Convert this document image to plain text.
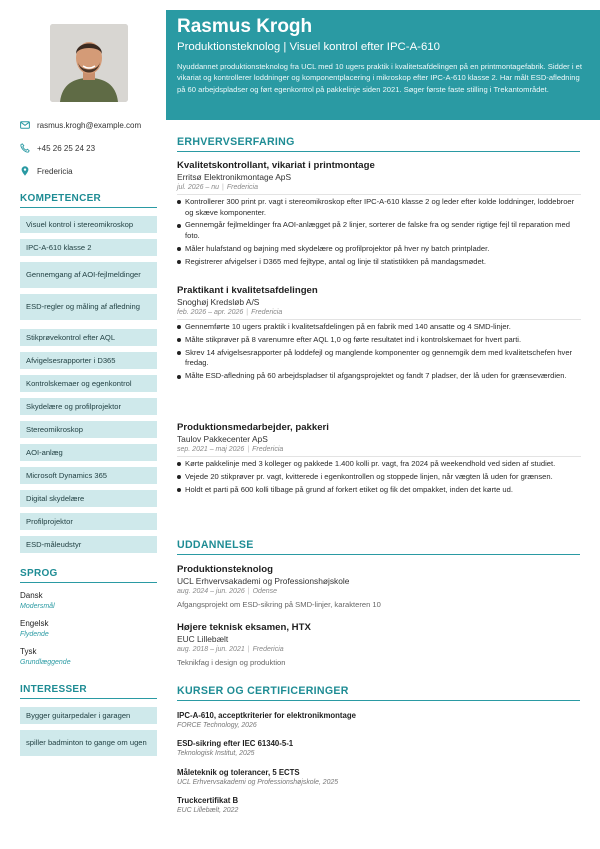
rasmus.krogh@example.com
+45 26 25 24 23
Fredericia
KOMPETENCER
Visuel kontrol i stereomikroskop
IPC-A-610 klasse 2
Gennemgang af AOI-fejlmeldinger
ESD-regler og måling af afledning
Stikprøvekontrol efter AQL
Afvigelsesrapporter i D365
Kontrolskemaer og egenkontrol
Skydelære og profilprojektor
Stereomikroskop
AOI-anlæg
Microsoft Dynamics 365
Digital skydelære
Profilprojektor
ESD-måleudstyr
SPROG
Dansk
Modersmål
Engelsk
Flydende
Tysk
Grundlæggende
INTERESSER
Bygger guitarpedaler i garagen
spiller badminton to gange om ugen
Rasmus Krogh
Produktionsteknolog | Visuel kontrol efter IPC-A-610
Nyuddannet produktionsteknolog fra UCL med 10 ugers praktik i kvalitetsafdelingen på en printmontagefabrik. Sidder i et vikariat og kontrollerer loddninger og komponentplacering i mikroskop efter IPC-A-610 klasse 2. Har målt ESD-afledning på 60 arbejdspladser og ført egenkontrol på pakkelinje siden 2021. Søger første faste stilling i Trekantområdet.
ERHVERVSERFARING
Kvalitetskontrollant, vikariat i printmontage
Erritsø Elektronikmontage ApS
jul. 2026 – nu | Fredericia
Kontrollerer 300 print pr. vagt i stereomikroskop efter IPC-A-610 klasse 2 og leder efter kolde loddninger, loddebroer og skæve komponenter.
Gennemgår fejlmeldinger fra AOI-anlægget på 2 linjer, sorterer de falske fra og sender rigtige fejl til reparation med foto.
Måler hulafstand og bøjning med skydelære og profilprojektor på hver ny batch printplader.
Registrerer afvigelser i D365 med fejltype, antal og linje til statistikken på mandagsmødet.
Praktikant i kvalitetsafdelingen
Snoghøj Kredsløb A/S
feb. 2026 – apr. 2026 | Fredericia
Gennemførte 10 ugers praktik i kvalitetsafdelingen på en fabrik med 140 ansatte og 4 SMD-linjer.
Målte stikprøver på 8 varenumre efter AQL 1,0 og førte resultatet ind i kontrolskemaet for hvert parti.
Skrev 14 afvigelsesrapporter på loddefejl og manglende komponenter og gennemgik dem med kvalitetschefen hver fredag.
Målte ESD-afledning på 60 arbejdspladser til afgangsprojektet og fandt 7 pladser, der lå uden for grænseværdien.
Produktionsmedarbejder, pakkeri
Taulov Pakkecenter ApS
sep. 2021 – maj 2026 | Fredericia
Kørte pakkelinje med 3 kolleger og pakkede 1.400 kolli pr. vagt, fra 2024 på weekendhold ved siden af studiet.
Vejede 20 stikprøver pr. vagt, kvitterede i egenkontrollen og stoppede linjen, når vægten lå uden for grænsen.
Holdt et parti på 600 kolli tilbage på grund af forkert etiket og fik det ompakket, inden det kørte ud.
UDDANNELSE
Produktionsteknolog
UCL Erhvervsakademi og Professionshøjskole
aug. 2024 – jun. 2026 | Odense
Afgangsprojekt om ESD-sikring på SMD-linjer, karakteren 10
Højere teknisk eksamen, HTX
EUC Lillebælt
aug. 2018 – jun. 2021 | Fredericia
Teknikfag i design og produktion
KURSER OG CERTIFICERINGER
IPC-A-610, acceptkriterier for elektronikmontage
FORCE Technology, 2026
ESD-sikring efter IEC 61340-5-1
Teknologisk Institut, 2025
Måleteknik og tolerancer, 5 ECTS
UCL Erhvervsakademi og Professionshøjskole, 2025
Truckcertifikat B
EUC Lillebælt, 2022
